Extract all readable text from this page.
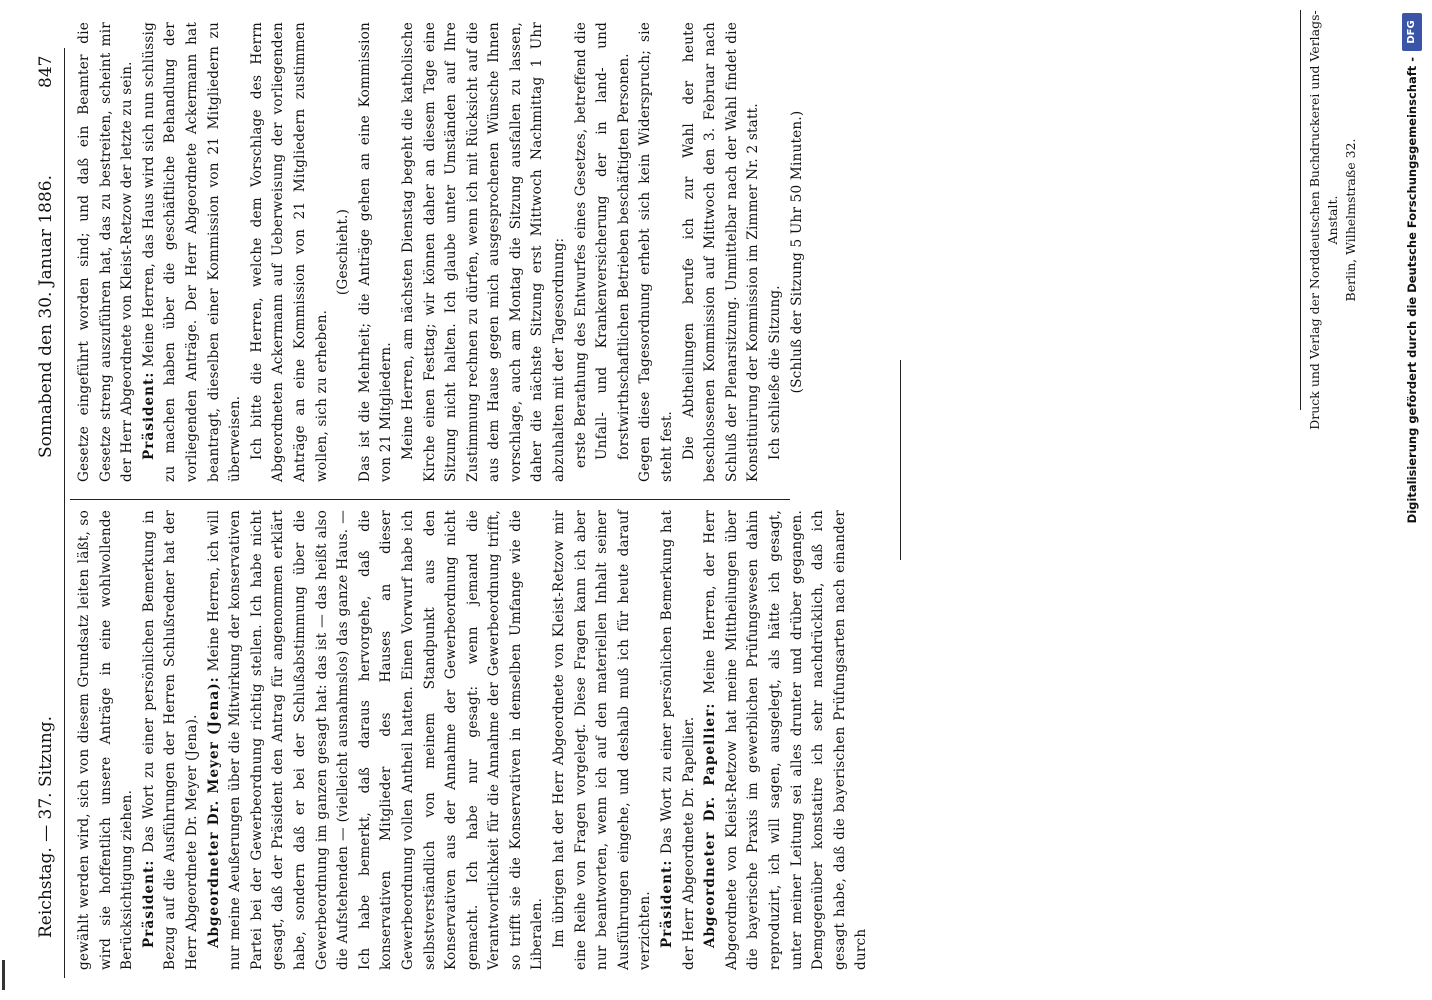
Reichstag. — 37. Sitzung.
Sonnabend den 30. Januar 1886.
847

gewählt werden wird, sich von diesem Grundsatz leiten läßt, so wird sie hoffentlich unsere Anträge in eine wohlwollende Berücksichtigung ziehen. Präsident: Das Wort zu einer persönlichen Bemerkung in Bezug auf die Ausführungen der Herren Schlußredner hat der Herr Abgeordnete Dr. Meyer (Jena). Abgeordneter Dr. Meyer (Jena): Meine Herren, ich will nur meine Aeußerungen über die Mitwirkung der konservativen Partei bei der Gewerbeordnung richtig stellen. Ich habe nicht gesagt, daß der Präsident den Antrag für angenommen erklärt habe, sondern daß er bei der Schlußabstimmung über die Gewerbeordnung im ganzen gesagt hat: das ist — das heißt also die Aufstehenden — (vielleicht ausnahmslos) das ganze Haus. — Ich habe bemerkt, daß daraus hervorgehe, daß die konservativen Mitglieder des Hauses an dieser Gewerbeordnung vollen Antheil hatten. Einen Vorwurf habe ich selbstverständlich von meinem Standpunkt aus den Konservativen aus der Annahme der Gewerbeordnung nicht gemacht. Ich habe nur gesagt: wenn jemand die Verantwortlichkeit für die Annahme der Gewerbeordnung trifft, so trifft sie die Konservativen in demselben Umfange wie die Liberalen. Im übrigen hat der Herr Abgeordnete von Kleist-Retzow mir eine Reihe von Fragen vorgelegt. Diese Fragen kann ich aber nur beantworten, wenn ich auf den materiellen Inhalt seiner Ausführungen eingehe, und deshalb muß ich für heute darauf verzichten. Präsident: Das Wort zu einer persönlichen Bemerkung hat der Herr Abgeordnete Dr. Papellier. Abgeordneter Dr. Papellier: Meine Herren, der Herr Abgeordnete von Kleist-Retzow hat meine Mittheilungen über die bayerische Praxis im gewerblichen Prüfungswesen dahin reproduzirt, ich will sagen, ausgelegt, als hätte ich gesagt, unter meiner Leitung sei alles drunter und drüber gegangen. Demgegenüber konstatire ich sehr nachdrücklich, daß ich gesagt habe, daß die bayerischen Prüfungsarten nach einander durch

Gesetze eingeführt worden sind; und daß ein Beamter die Gesetze streng auszuführen hat, das zu bestreiten, scheint mir der Herr Abgeordnete von Kleist-Retzow der letzte zu sein. Präsident: Meine Herren, das Haus wird sich nun schlüssig zu machen haben über die geschäftliche Behandlung der vorliegenden Anträge. Der Herr Abgeordnete Ackermann hat beantragt, dieselben einer Kommission von 21 Mitgliedern zu überweisen. Ich bitte die Herren, welche dem Vorschlage des Herrn Abgeordneten Ackermann auf Ueberweisung der vorliegenden Anträge an eine Kommission von 21 Mitgliedern zustimmen wollen, sich zu erheben.

(Geschieht.) Das ist die Mehrheit; die Anträge gehen an eine Kommission von 21 Mitgliedern. Meine Herren, am nächsten Dienstag begeht die katholische Kirche einen Festtag; wir können daher an diesem Tage eine Sitzung nicht halten. Ich glaube unter Umständen auf Ihre Zustimmung rechnen zu dürfen, wenn ich mit Rücksicht auf die aus dem Hause gegen mich ausgesprochenen Wünsche Ihnen vorschlage, auch am Montag die Sitzung ausfallen zu lassen, daher die nächste Sitzung erst Mittwoch Nachmittag 1 Uhr abzuhalten mit der Tagesordnung: erste Berathung des Entwurfes eines Gesetzes, betreffend die Unfall- und Krankenversicherung der in land- und forstwirthschaftlichen Betrieben beschäftigten Personen. Gegen diese Tagesordnung erhebt sich kein Widerspruch; sie steht fest. Die Abtheilungen berufe ich zur Wahl der heute beschlossenen Kommission auf Mittwoch den 3. Februar nach Schluß der Plenarsitzung. Unmittelbar nach der Wahl findet die Konstituirung der Kommission im Zimmer Nr. 2 statt. Ich schließe die Sitzung. (Schluß der Sitzung 5 Uhr 50 Minuten.)	Druck und Verlag der Norddeutschen Buchdruckerei und Verlags-Anstalt. Berlin, Wilhelmstraße 32.	Digitalisierung gefördert durch die Deutsche Forschungsgemeinschaft -
DFG
